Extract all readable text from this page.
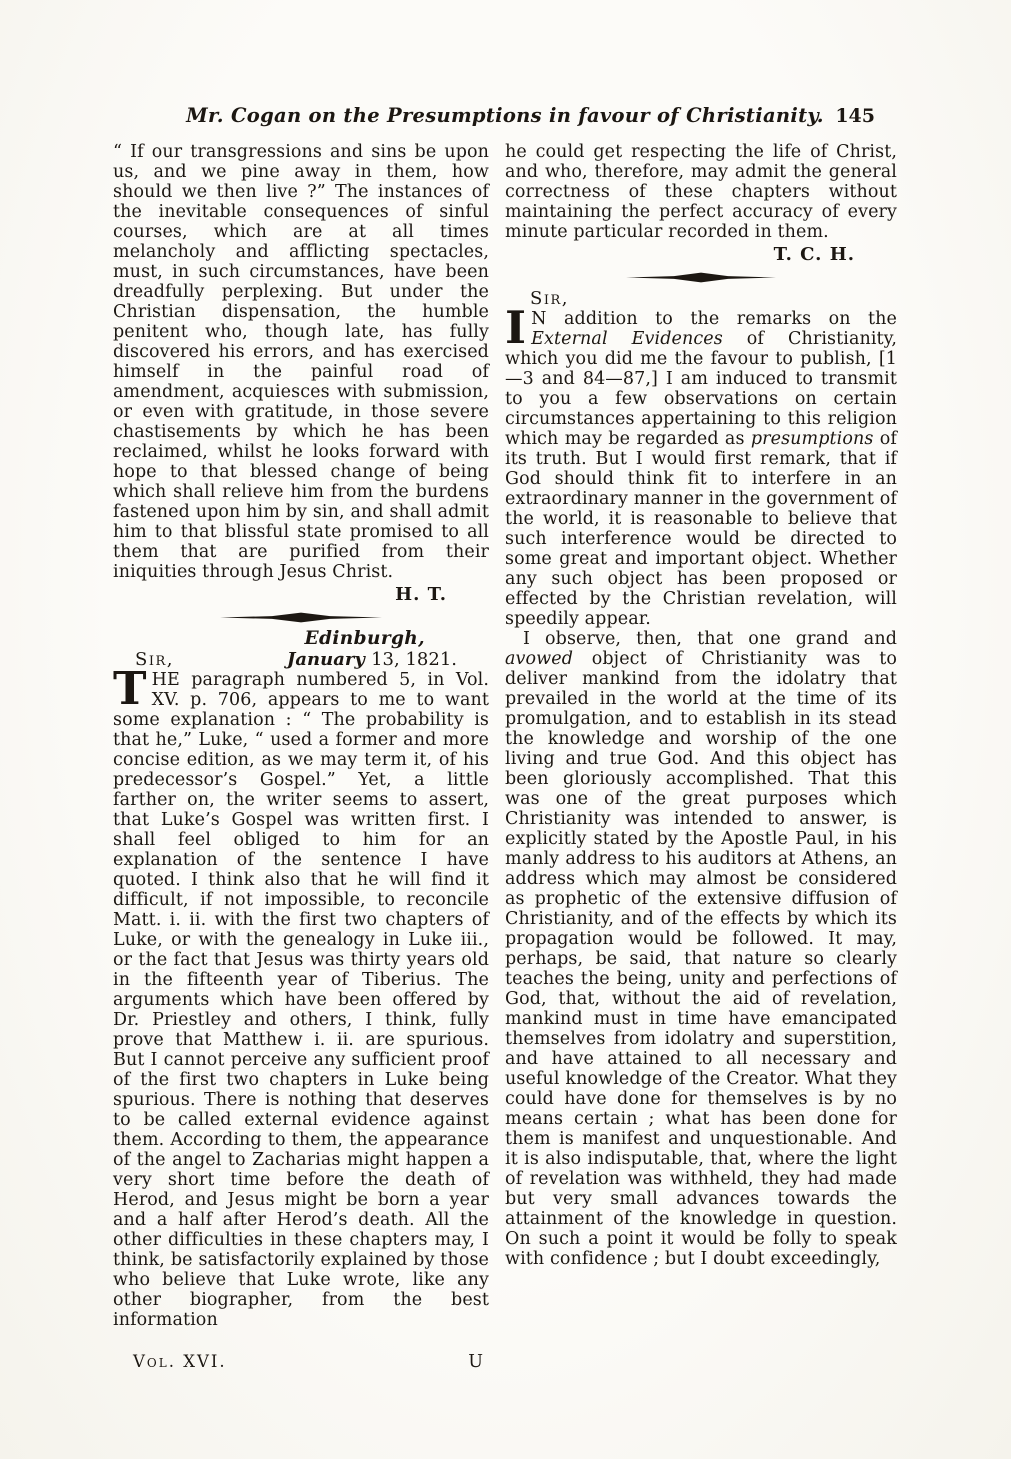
Mr. Cogan on the Presumptions in favour of Christianity. 145

“ If our transgressions and sins be upon us, and we pine away in them, how should we then live ?” The instances of the inevitable consequences of sinful courses, which are at all times melancholy and afflicting spectacles, must, in such circumstances, have been dreadfully perplexing. But under the Christian dispensation, the humble penitent who, though late, has fully discovered his errors, and has exercised himself in the painful road of amendment, acquiesces with submission, or even with gratitude, in those severe chastisements by which he has been reclaimed, whilst he looks forward with hope to that blessed change of being which shall relieve him from the burdens fastened upon him by sin, and shall admit him to that blissful state promised to all them that are purified from their iniquities through Jesus Christ.

H. T.

Edinburgh,
Sir,	January 13, 1821.

THE paragraph numbered 5, in Vol. XV. p. 706, appears to me to want some explanation : “ The probability is that he,” Luke, “ used a former and more concise edition, as we may term it, of his predecessor’s Gospel.” Yet, a little farther on, the writer seems to assert, that Luke’s Gospel was written first. I shall feel obliged to him for an explanation of the sentence I have quoted. I think also that he will find it difficult, if not impossible, to reconcile Matt. i. ii. with the first two chapters of Luke, or with the genealogy in Luke iii., or the fact that Jesus was thirty years old in the fifteenth year of Tiberius. The arguments which have been offered by Dr. Priestley and others, I think, fully prove that Matthew i. ii. are spurious. But I cannot perceive any sufficient proof of the first two chapters in Luke being spurious. There is nothing that deserves to be called external evidence against them. According to them, the appearance of the angel to Zacharias might happen a very short time before the death of Herod, and Jesus might be born a year and a half after Herod’s death. All the other difficulties in these chapters may, I think, be satisfactorily explained by those who believe that Luke wrote, like any other biographer, from the best information

he could get respecting the life of Christ, and who, therefore, may admit the general correctness of these chapters without maintaining the perfect accuracy of every minute particular recorded in them.

T. C. H.

Sir,

I N addition to the remarks on the External Evidences of Christianity, which you did me the favour to publish, [1—3 and 84—87,] I am induced to transmit to you a few observations on certain circumstances appertaining to this religion which may be regarded as presumptions of its truth. But I would first remark, that if God should think fit to interfere in an extraordinary manner in the government of the world, it is reasonable to believe that such interference would be directed to some great and important object. Whether any such object has been proposed or effected by the Christian revelation, will speedily appear.

I observe, then, that one grand and avowed object of Christianity was to deliver mankind from the idolatry that prevailed in the world at the time of its promulgation, and to establish in its stead the knowledge and worship of the one living and true God. And this object has been gloriously accomplished. That this was one of the great purposes which Christianity was intended to answer, is explicitly stated by the Apostle Paul, in his manly address to his auditors at Athens, an address which may almost be considered as prophetic of the extensive diffusion of Christianity, and of the effects by which its propagation would be followed. It may, perhaps, be said, that nature so clearly teaches the being, unity and perfections of God, that, without the aid of revelation, mankind must in time have emancipated themselves from idolatry and superstition, and have attained to all necessary and useful knowledge of the Creator. What they could have done for themselves is by no means certain ; what has been done for them is manifest and unquestionable. And it is also indisputable, that, where the light of revelation was withheld, they had made but very small advances towards the attainment of the knowledge in question. On such a point it would be folly to speak with confidence ; but I doubt exceedingly,

Vol. XVI.	U
